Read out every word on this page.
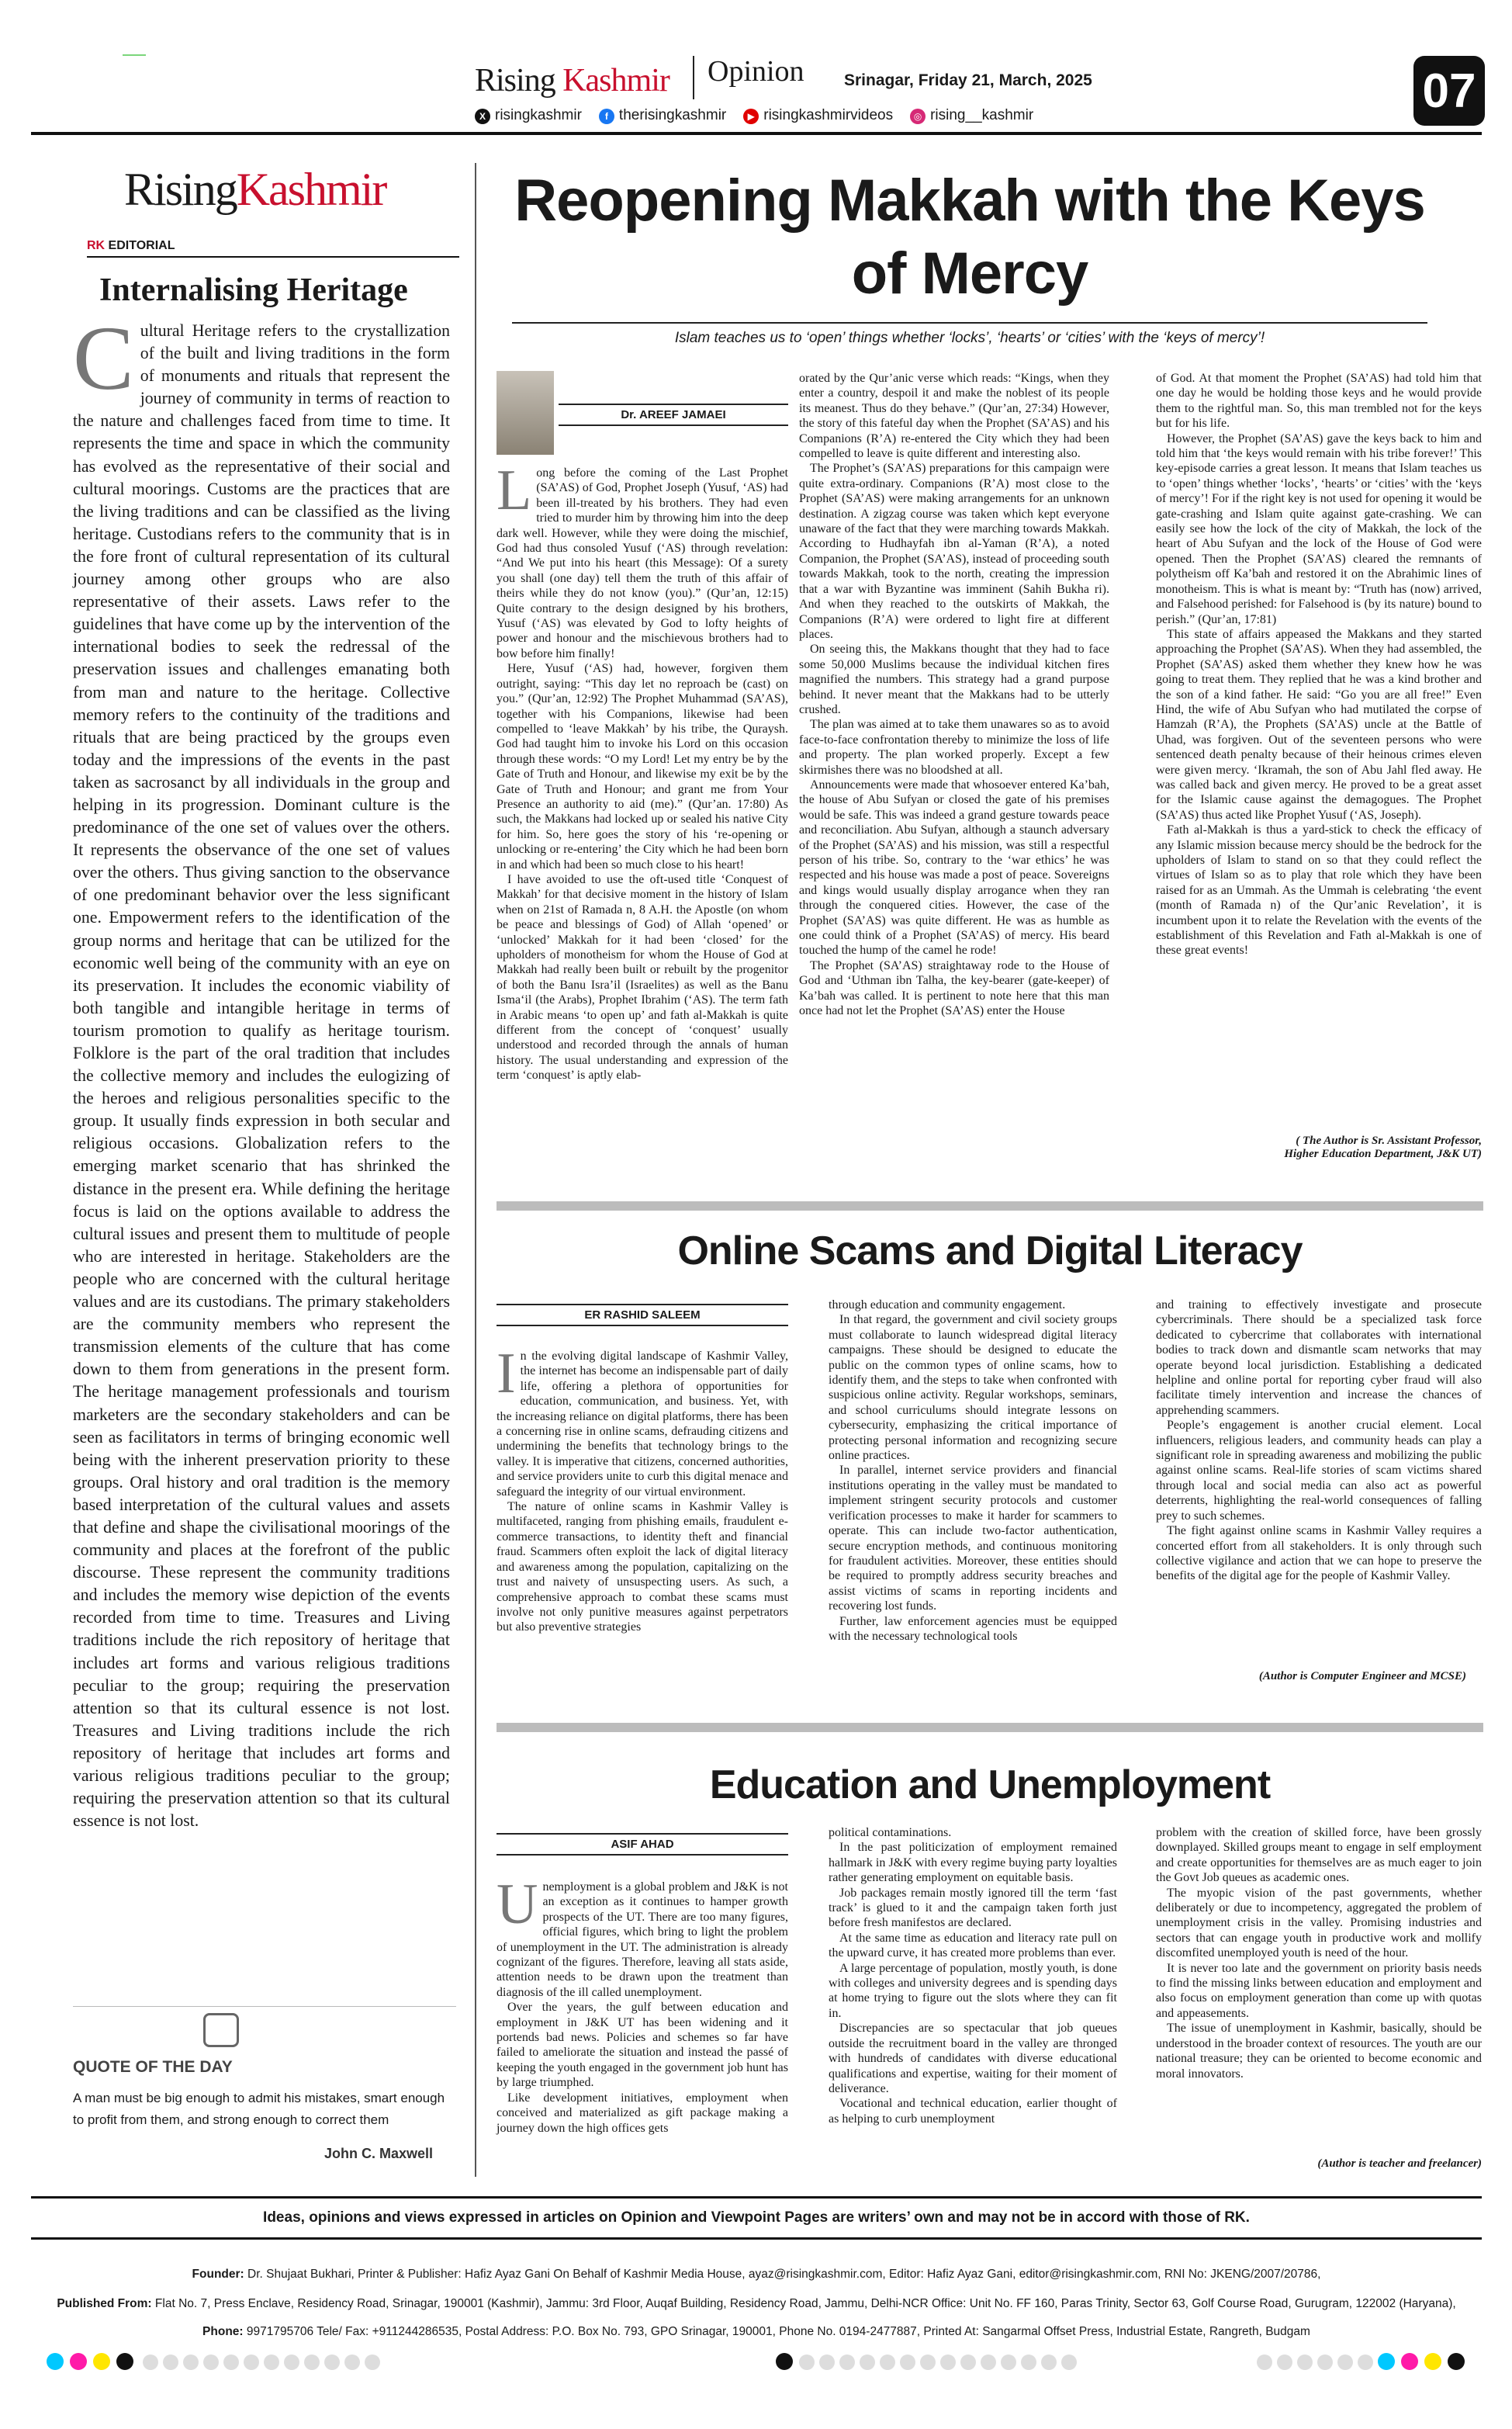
Rising Kashmir Opinion Srinagar, Friday 21, March, 2025	07
X risingkashmir	f therisingkashmir	▶ risingkashmirvideos	◎ rising__kashmir
RisingKashmir
RK EDITORIAL
Internalising Heritage
Cultural Heritage refers to the crystallization of the built and living traditions in the form of monuments and rituals that represent the journey of community in terms of reaction to the nature and challenges faced from time to time. It represents the time and space in which the community has evolved as the representative of their social and cultural moorings. Customs are the practices that are the living traditions and can be classified as the living heritage. Custodians refers to the community that is in the fore front of cultural representation of its cultural journey among other groups who are also representative of their assets. Laws refer to the guidelines that have come up by the intervention of the international bodies to seek the redressal of the preservation issues and challenges emanating both from man and nature to the heritage. Collective memory refers to the continuity of the traditions and rituals that are being practiced by the groups even today and the impressions of the events in the past taken as sacrosanct by all individuals in the group and helping in its progression. Dominant culture is the predominance of the one set of values over the others. It represents the observance of the one set of values over the others. Thus giving sanction to the observance of one predominant behavior over the less significant one. Empowerment refers to the identification of the group norms and heritage that can be utilized for the economic well being of the community with an eye on its preservation. It includes the economic viability of both tangible and intangible heritage in terms of tourism promotion to qualify as heritage tourism. Folklore is the part of the oral tradition that includes the collective memory and includes the eulogizing of the heroes and religious personalities specific to the group. It usually finds expression in both secular and religious occasions. Globalization refers to the emerging market scenario that has shrinked the distance in the present era. While defining the heritage focus is laid on the options available to address the cultural issues and present them to multitude of people who are interested in heritage. Stakeholders are the people who are concerned with the cultural heritage values and are its custodians. The primary stakeholders are the community members who represent the transmission elements of the culture that has come down to them from generations in the present form. The heritage management professionals and tourism marketers are the secondary stakeholders and can be seen as facilitators in terms of bringing economic well being with the inherent preservation priority to these groups. Oral history and oral tradition is the memory based interpretation of the cultural values and assets that define and shape the civilisational moorings of the community and places at the forefront of the public discourse. These represent the community traditions and includes the memory wise depiction of the events recorded from time to time. Treasures and Living traditions include the rich repository of heritage that includes art forms and various religious traditions peculiar to the group; requiring the preservation attention so that its cultural essence is not lost. Treasures and Living traditions include the rich repository of heritage that includes art forms and various religious traditions peculiar to the group; requiring the preservation attention so that its cultural essence is not lost.
QUOTE OF THE DAY
A man must be big enough to admit his mistakes, smart enough to profit from them, and strong enough to correct them
John C. Maxwell
Reopening Makkah with the Keys of Mercy
Islam teaches us to ‘open’ things whether ‘locks’, ‘hearts’ or ‘cities’ with the ‘keys of mercy’!
Dr. AREEF JAMAEI
L ong before the coming of the Last Prophet (SA’AS) of God, Prophet Joseph (Yusuf, ‘AS) had been ill-treated by his brothers. They had even tried to murder him by throwing him into the deep dark well. However, while they were doing the mischief, God had thus consoled Yusuf (‘AS) through revelation: “And We put into his heart (this Message): Of a surety you shall (one day) tell them the truth of this affair of theirs while they do not know (you).” (Qur’an, 12:15) Quite contrary to the design designed by his brothers, Yusuf (‘AS) was elevated by God to lofty heights of power and honour and the mischievous brothers had to bow before him finally!

Here, Yusuf (‘AS) had, however, forgiven them outright, saying: “This day let no reproach be (cast) on you.” (Qur’an, 12:92) The Prophet Muhammad (SA’AS), together with his Companions, likewise had been compelled to ‘leave Makkah’ by his tribe, the Quraysh. God had taught him to invoke his Lord on this occasion through these words: “O my Lord! Let my entry be by the Gate of Truth and Honour, and likewise my exit be by the Gate of Truth and Honour; and grant me from Your Presence an authority to aid (me).” (Qur’an. 17:80) As such, the Makkans had locked up or sealed his native City for him. So, here goes the story of his ‘re-opening or unlocking or re-entering’ the City which he had been born in and which had been so much close to his heart!

I have avoided to use the oft-used title ‘Conquest of Makkah’ for that decisive moment in the history of Islam when on 21st of Ramada n, 8 A.H. the Apostle (on whom be peace and blessings of God) of Allah ‘opened’ or ‘unlocked’ Makkah for it had been ‘closed’ for the upholders of monotheism for whom the House of God at Makkah had really been built or rebuilt by the progenitor of both the Banu Isra’il (Israelites) as well as the Banu Isma‘il (the Arabs), Prophet Ibrahim (‘AS). The term fath in Arabic means ‘to open up’ and fath al-Makkah is quite different from the concept of ‘conquest’ usually understood and recorded through the annals of human history. The usual understanding and expression of the term ‘conquest’ is aptly elab-

orated by the Qur’anic verse which reads: “Kings, when they enter a country, despoil it and make the noblest of its people its meanest. Thus do they behave.” (Qur’an, 27:34) However, the story of this fateful day when the Prophet (SA’AS) and his Companions (R’A) re-entered the City which they had been compelled to leave is quite different and interesting also.

The Prophet’s (SA’AS) preparations for this campaign were quite extra-ordinary. Companions (R’A) most close to the Prophet (SA’AS) were making arrangements for an unknown destination. A zigzag course was taken which kept everyone unaware of the fact that they were marching towards Makkah. According to Hudhayfah ibn al-Yaman (R’A), a noted Companion, the Prophet (SA’AS), instead of proceeding south towards Makkah, took to the north, creating the impression that a war with Byzantine was imminent (Sahih Bukha ri). And when they reached to the outskirts of Makkah, the Companions (R’A) were ordered to light fire at different places.

On seeing this, the Makkans thought that they had to face some 50,000 Muslims because the individual kitchen fires magnified the numbers. This strategy had a grand purpose behind. It never meant that the Makkans had to be utterly crushed.

The plan was aimed at to take them unawares so as to avoid face-to-face confrontation thereby to minimize the loss of life and property. The plan worked properly. Except a few skirmishes there was no bloodshed at all.

Announcements were made that whosoever entered Ka’bah, the house of Abu Sufyan or closed the gate of his premises would be safe. This was indeed a grand gesture towards peace and reconciliation. Abu Sufyan, although a staunch adversary of the Prophet (SA’AS) and his mission, was still a respectful person of his tribe. So, contrary to the ‘war ethics’ he was respected and his house was made a post of peace. Sovereigns and kings would usually display arrogance when they ran through the conquered cities. However, the case of the Prophet (SA’AS) was quite different. He was as humble as one could think of a Prophet (SA’AS) of mercy. His beard touched the hump of the camel he rode!

The Prophet (SA’AS) straightaway rode to the House of God and ‘Uthman ibn Talha, the key-bearer (gate-keeper) of Ka’bah was called. It is pertinent to note here that this man once had not let the Prophet (SA’AS) enter the House

of God. At that moment the Prophet (SA’AS) had told him that one day he would be holding those keys and he would provide them to the rightful man. So, this man trembled not for the keys but for his life.

However, the Prophet (SA’AS) gave the keys back to him and told him that ‘the keys would remain with his tribe forever!’ This key-episode carries a great lesson. It means that Islam teaches us to ‘open’ things whether ‘locks’, ‘hearts’ or ‘cities’ with the ‘keys of mercy’! For if the right key is not used for opening it would be gate-crashing and Islam quite against gate-crashing. We can easily see how the lock of the city of Makkah, the lock of the heart of Abu Sufyan and the lock of the House of God were opened. Then the Prophet (SA’AS) cleared the remnants of polytheism off Ka’bah and restored it on the Abrahimic lines of monotheism. This is what is meant by: “Truth has (now) arrived, and Falsehood perished: for Falsehood is (by its nature) bound to perish.” (Qur’an, 17:81)

This state of affairs appeased the Makkans and they started approaching the Prophet (SA’AS). When they had assembled, the Prophet (SA’AS) asked them whether they knew how he was going to treat them. They replied that he was a kind brother and the son of a kind father. He said: “Go you are all free!” Even Hind, the wife of Abu Sufyan who had mutilated the corpse of Hamzah (R’A), the Prophets (SA’AS) uncle at the Battle of Uhad, was forgiven. Out of the seventeen persons who were sentenced death penalty because of their heinous crimes eleven were given mercy. ‘Ikramah, the son of Abu Jahl fled away. He was called back and given mercy. He proved to be a great asset for the Islamic cause against the demagogues. The Prophet (SA’AS) thus acted like Prophet Yusuf (‘AS, Joseph).

Fath al-Makkah is thus a yard-stick to check the efficacy of any Islamic mission because mercy should be the bedrock for the upholders of Islam to stand on so that they could reflect the virtues of Islam so as to play that role which they have been raised for as an Ummah. As the Ummah is celebrating ‘the event (month of Ramada n) of the Qur’anic Revelation’, it is incumbent upon it to relate the Revelation with the events of the establishment of this Revelation and Fath al-Makkah is one of these great events!

( The Author is Sr. Assistant Professor,
Higher Education Department, J&K UT)
Online Scams and Digital Literacy
ER RASHID SALEEM
I n the evolving digital landscape of Kashmir Valley, the internet has become an indispensable part of daily life, offering a plethora of opportunities for education, communication, and business. Yet, with the increasing reliance on digital platforms, there has been a concerning rise in online scams, defrauding citizens and undermining the benefits that technology brings to the valley. It is imperative that citizens, concerned authorities, and service providers unite to curb this digital menace and safeguard the integrity of our virtual environment.

The nature of online scams in Kashmir Valley is multifaceted, ranging from phishing emails, fraudulent e-commerce transactions, to identity theft and financial fraud. Scammers often exploit the lack of digital literacy and awareness among the population, capitalizing on the trust and naivety of unsuspecting users. As such, a comprehensive approach to combat these scams must involve not only punitive measures against perpetrators but also preventive strategies

through education and community engagement.

In that regard, the government and civil society groups must collaborate to launch widespread digital literacy campaigns. These should be designed to educate the public on the common types of online scams, how to identify them, and the steps to take when confronted with suspicious online activity. Regular workshops, seminars, and school curriculums should integrate lessons on cybersecurity, emphasizing the critical importance of protecting personal information and recognizing secure online practices.

In parallel, internet service providers and financial institutions operating in the valley must be mandated to implement stringent security protocols and customer verification processes to make it harder for scammers to operate. This can include two-factor authentication, secure encryption methods, and continuous monitoring for fraudulent activities. Moreover, these entities should be required to promptly address security breaches and assist victims of scams in reporting incidents and recovering lost funds.

Further, law enforcement agencies must be equipped with the necessary technological tools

and training to effectively investigate and prosecute cybercriminals. There should be a specialized task force dedicated to cybercrime that collaborates with international bodies to track down and dismantle scam networks that may operate beyond local jurisdiction. Establishing a dedicated helpline and online portal for reporting cyber fraud will also facilitate timely intervention and increase the chances of apprehending scammers.

People’s engagement is another crucial element. Local influencers, religious leaders, and community heads can play a significant role in spreading awareness and mobilizing the public against online scams. Real-life stories of scam victims shared through local and social media can also act as powerful deterrents, highlighting the real-world consequences of falling prey to such schemes.

The fight against online scams in Kashmir Valley requires a concerted effort from all stakeholders. It is only through such collective vigilance and action that we can hope to preserve the benefits of the digital age for the people of Kashmir Valley.

(Author is Computer Engineer and MCSE)
Education and Unemployment
ASIF AHAD
U nemployment is a global problem and J&K is not an exception as it continues to hamper growth prospects of the UT. There are too many figures, official figures, which bring to light the problem of unemployment in the UT. The administration is already cognizant of the figures. Therefore, leaving all stats aside, attention needs to be drawn upon the treatment than diagnosis of the ill called unemployment.

Over the years, the gulf between education and employment in J&K UT has been widening and it portends bad news. Policies and schemes so far have failed to ameliorate the situation and instead the passé of keeping the youth engaged in the government job hunt has by large triumphed.

Like development initiatives, employment when conceived and materialized as gift package making a journey down the high offices gets

political contaminations.

In the past politicization of employment remained hallmark in J&K with every regime buying party loyalties rather generating employment on equitable basis.

Job packages remain mostly ignored till the term ‘fast track’ is glued to it and the campaign taken forth just before fresh manifestos are declared.

At the same time as education and literacy rate pull on the upward curve, it has created more problems than ever.

A large percentage of population, mostly youth, is done with colleges and university degrees and is spending days at home trying to figure out the slots where they can fit in.

Discrepancies are so spectacular that job queues outside the recruitment board in the valley are thronged with hundreds of candidates with diverse educational qualifications and expertise, waiting for their moment of deliverance.

Vocational and technical education, earlier thought of as helping to curb unemployment

problem with the creation of skilled force, have been grossly downplayed. Skilled groups meant to engage in self employment and create opportunities for themselves are as much eager to join the Govt Job queues as academic ones.

The myopic vision of the past governments, whether deliberately or due to incompetency, aggregated the problem of unemployment crisis in the valley. Promising industries and sectors that can engage youth in productive work and mollify discomfited unemployed youth is need of the hour.

It is never too late and the government on priority basis needs to find the missing links between education and employment and also focus on employment generation than come up with quotas and appeasements.

The issue of unemployment in Kashmir, basically, should be understood in the broader context of resources. The youth are our national treasure; they can be oriented to become economic and moral innovators.

(Author is teacher and freelancer)
Ideas, opinions and views expressed in articles on Opinion and Viewpoint Pages are writers’ own and may not be in accord with those of RK.
Founder: Dr. Shujaat Bukhari, Printer & Publisher: Hafiz Ayaz Gani On Behalf of Kashmir Media House, ayaz@risingkashmir.com, Editor: Hafiz Ayaz Gani, editor@risingkashmir.com, RNI No: JKENG/2007/20786,
Published From: Flat No. 7, Press Enclave, Residency Road, Srinagar, 190001 (Kashmir), Jammu: 3rd Floor, Auqaf Building, Residency Road, Jammu, Delhi-NCR Office: Unit No. FF 160, Paras Trinity, Sector 63, Golf Course Road, Gurugram, 122002 (Haryana),
Phone: 9971795706 Tele/ Fax: +911244286535, Postal Address: P.O. Box No. 793, GPO Srinagar, 190001, Phone No. 0194-2477887, Printed At: Sangarmal Offset Press, Industrial Estate, Rangreth, Budgam
